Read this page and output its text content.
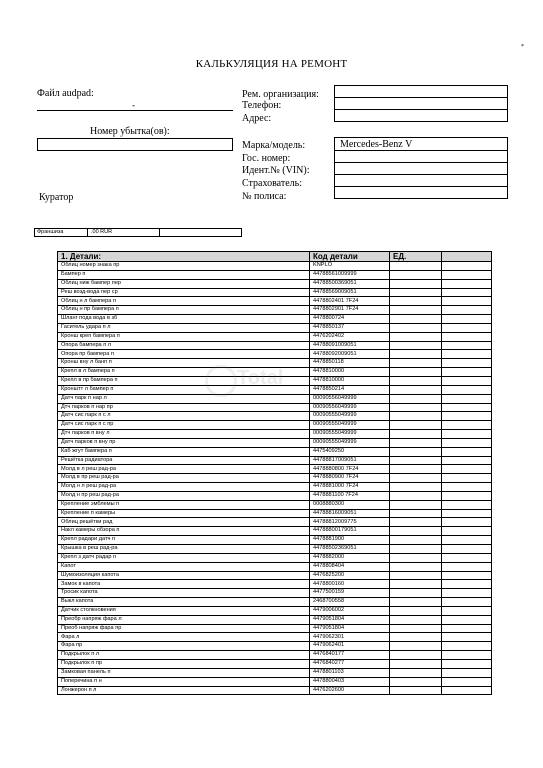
КАЛЬКУЛЯЦИЯ НА РЕМОНТ
*
Файл audpad:
-
Номер убытка(ов):
Куратор
Рем. организация:
Телефон:
Адрес:
Марка/модель:	Mercedes-Benz V
Гос. номер:
Идент.№ (VIN):
Страхователь:
№ полиса:
Франшиза	.00 RUR
1. Детали:	Код детали	ЕД.	
Облиц номер знака пр	KNPLO		
Бампер п	44788561009999		
Облиц ниж бампер пер	44788500369051		
Реш возд-вода пер ср	44788569009051		
Облиц н л бампера п	4478802401 7F24		
Облиц н пр бампера п	4478802901 7F24		
Шланг пода вода в зб	4478800724		
Гаситель удара п л	4478850137		
Кронш креп бампера п	4476202402		
Опора бампера п л	44788091009051		
Опора пр бампера п	44788092009051		
Кронш вну л банп п	4478850118		
Крепл в л бампера п	4478810000		
Крепл в пр бампера п	4478810000		
Кронштт л бампер п	4478850214		
Датч парк п нар л	00090556049999		
Дтч парков п нар пр	00090556049999		
Датч сис парк п с л	00090555049999		
Датч сис парк п с пр	00090555049999		
Дтч парков п вну л	00090555049999		
Датч парков п вну пр	00090555049999		
Каб жгут бампера п	4475409250		
Решётка радиатора	44788817009051		
Молд в л реш рад-ра	4478880800 7F24		
Молд в пр реш рад-ра	4478880900 7F24		
Молд н л реш рад-ра	4478881000 7F24		
Молд н пр реш рад-ра	4478881100 7F24		
Крепление эмблемы п	0008880300		
Крепление п камеры	44788816009051		
Облиц решётки рад	44788812009775		
Накл камеры обзора п	44788800179051		
Крепл радари датч п	4478881900		
Крышка в реш рад-ра	44788502369051		
Крепл з датч радар п	4478882000		
Капот	4478808404		
Шумоизоляция капота	4476825200		
Замок в капота	4478800160		
Тросик капота	4477500159		
Выкл капота	2468700558		
Датчик столкновения	4479006002		
Преобр напряж фара л	4479051804		
Преоб напряж фара пр	4479051804		
Фара л	4479062301		
Фара пр	4479062401		
Подкрылок п л	4476840177		
Подкрылок п пр	4476840277		
Замковая панель п	4478801103		
Поперечина п н	4478800403		
Лонжерон п л	4476202600		
Total
